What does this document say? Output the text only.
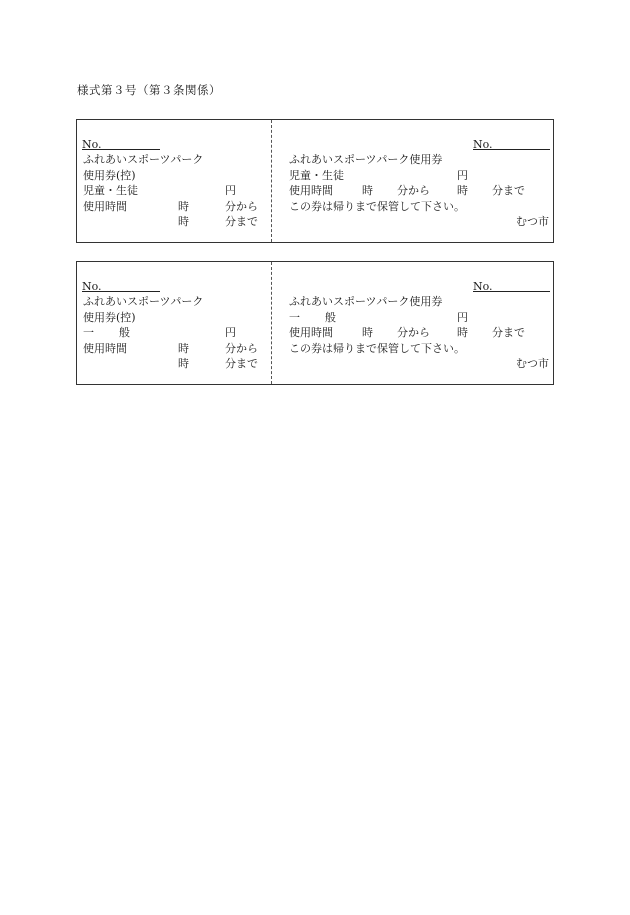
様式第３号（第３条関係）
No.
ふれあいスポーツパーク
使用券(控)
児童・生徒	円
使用時間	時	分から
時	分まで
No.
ふれあいスポーツパーク使用券
児童・生徒	円
使用時間	時 分から 時 分まで
この券は帰りまで保管して下さい。
むつ市
No.
ふれあいスポーツパーク
使用券(控)
一 般	円
使用時間	時	分から
時	分まで
No.
ふれあいスポーツパーク使用券
一 般	円
使用時間	時 分から 時 分まで
この券は帰りまで保管して下さい。
むつ市
